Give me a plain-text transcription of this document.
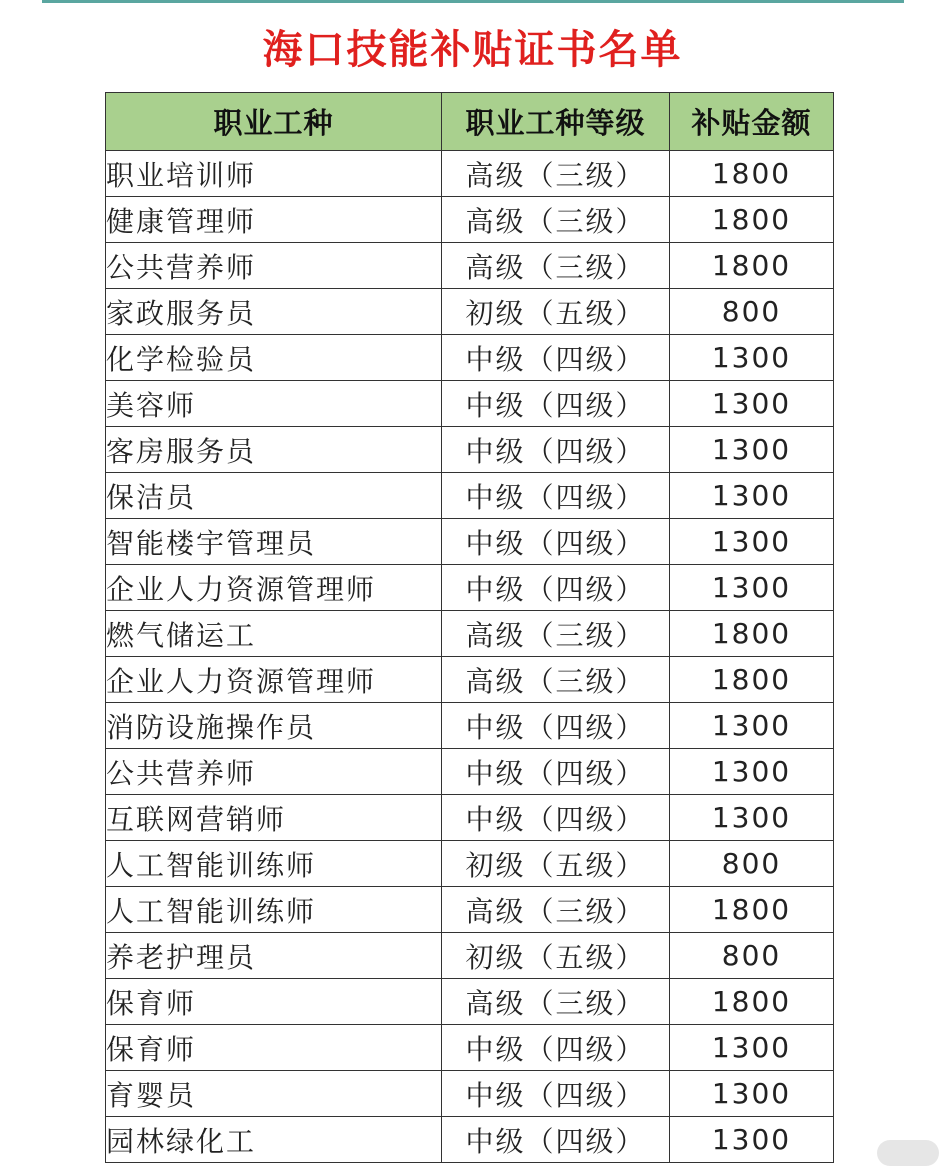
海口技能补贴证书名单
职业工种	职业工种等级	补贴金额
职业培训师	高级（三级）	1800
健康管理师	高级（三级）	1800
公共营养师	高级（三级）	1800
家政服务员	初级（五级）	800
化学检验员	中级（四级）	1300
美容师	中级（四级）	1300
客房服务员	中级（四级）	1300
保洁员	中级（四级）	1300
智能楼宇管理员	中级（四级）	1300
企业人力资源管理师	中级（四级）	1300
燃气储运工	高级（三级）	1800
企业人力资源管理师	高级（三级）	1800
消防设施操作员	中级（四级）	1300
公共营养师	中级（四级）	1300
互联网营销师	中级（四级）	1300
人工智能训练师	初级（五级）	800
人工智能训练师	高级（三级）	1800
养老护理员	初级（五级）	800
保育师	高级（三级）	1800
保育师	中级（四级）	1300
育婴员	中级（四级）	1300
园林绿化工	中级（四级）	1300
